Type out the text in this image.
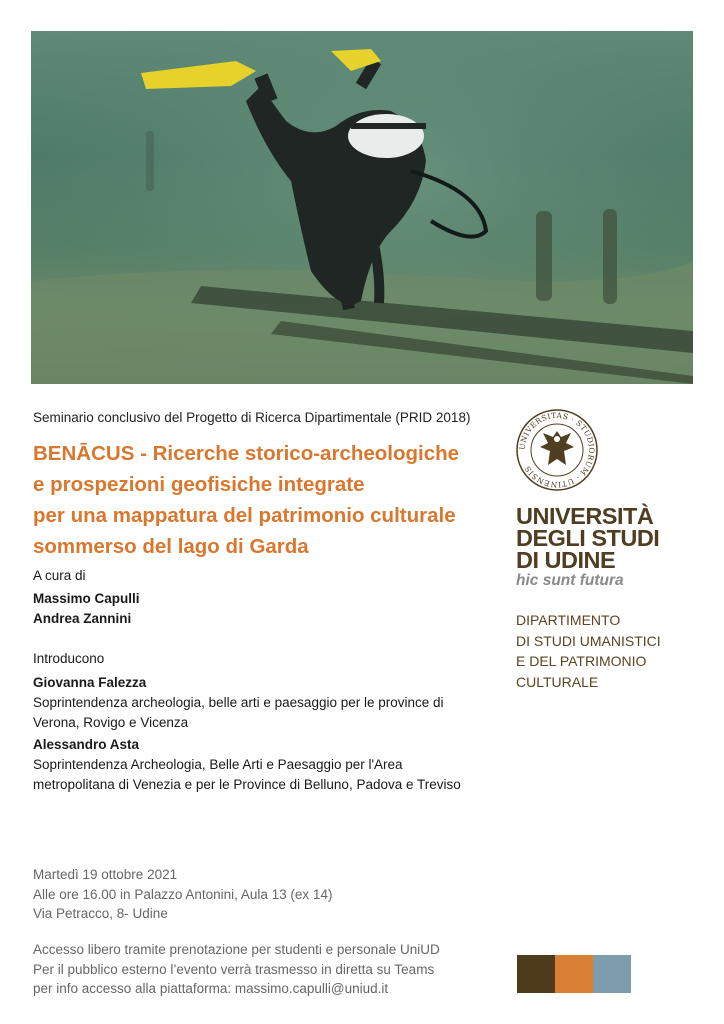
Seminario conclusivo del Progetto di Ricerca Dipartimentale (PRID 2018)
BENĀCUS - Ricerche storico-archeologiche
e prospezioni geofisiche integrate
per una mappatura del patrimonio culturale
sommerso del lago di Garda
A cura di
Massimo Capulli
Andrea Zannini
Introducono
Giovanna Falezza
Soprintendenza archeologia, belle arti e paesaggio per le province di
Verona, Rovigo e Vicenza
Alessandro Asta
Soprintendenza Archeologia, Belle Arti e Paesaggio per l'Area
metropolitana di Venezia e per le Province di Belluno, Padova e Treviso
Martedì 19 ottobre 2021
Alle ore 16.00 in Palazzo Antonini, Aula 13 (ex 14)
Via Petracco, 8- Udine
Accesso libero tramite prenotazione per studenti e personale UniUD
Per il pubblico esterno l’evento verrà trasmesso in diretta su Teams
per info accesso alla piattaforma: massimo.capulli@uniud.it
UNIVERSITAS · STUDIORUM · UTINENSIS
UNIVERSITÀ
DEGLI STUDI
DI UDINE
hic sunt futura
DIPARTIMENTO
DI STUDI UMANISTICI
E DEL PATRIMONIO
CULTURALE
